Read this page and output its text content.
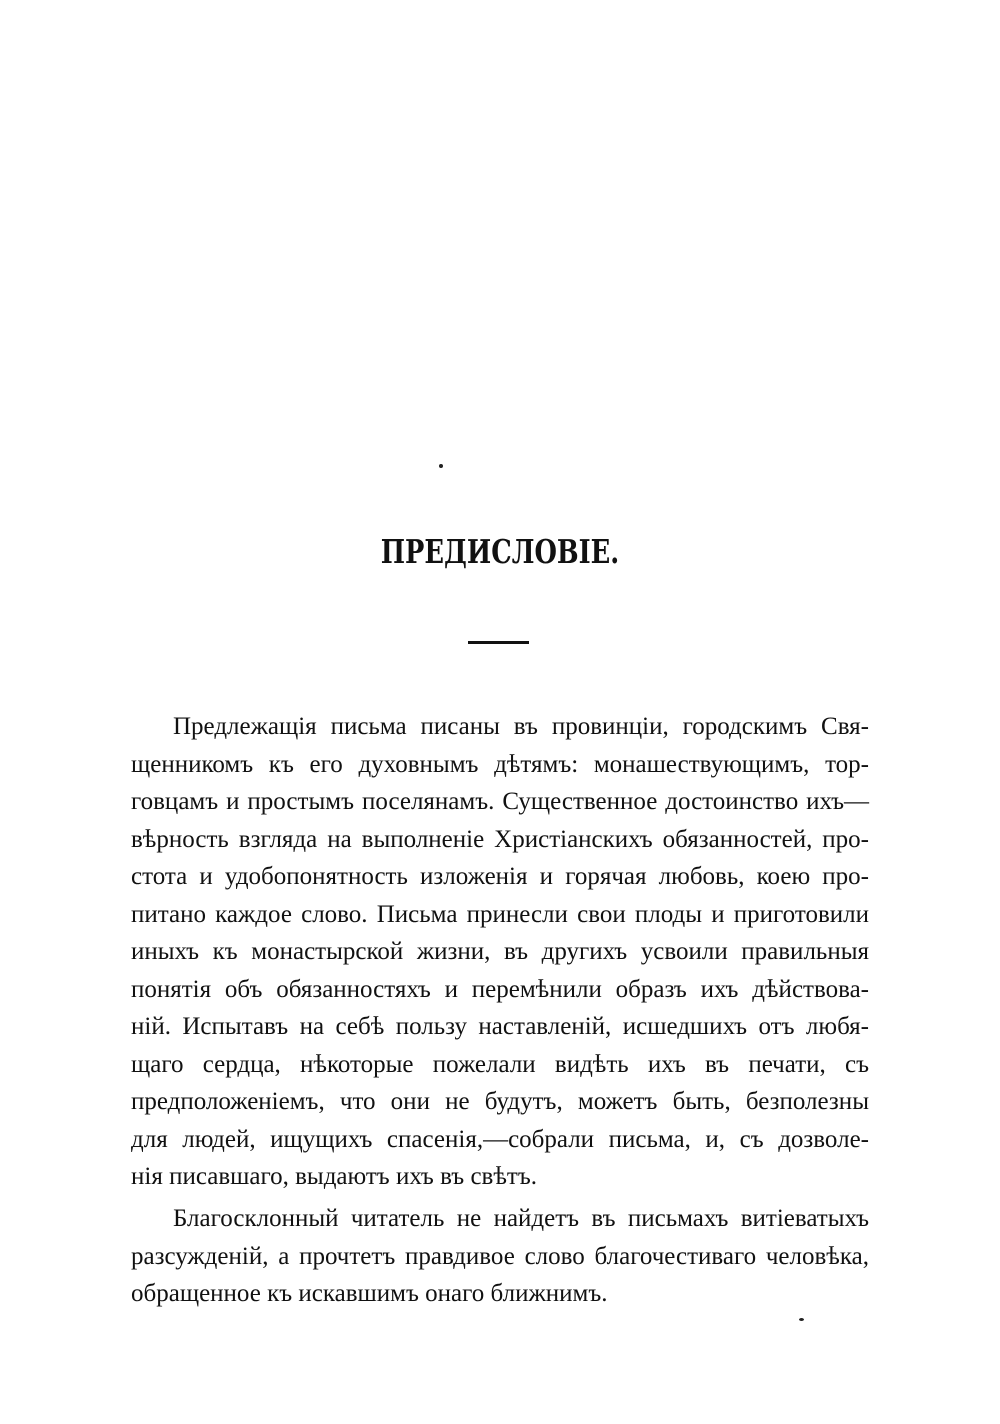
ПРЕДИСЛОВІЕ.
Предлежащія письма писаны въ провинціи, городскимъ Свя-
щенникомъ къ его духовнымъ дѣтямъ: монашествующимъ, тор-
говцамъ и простымъ поселянамъ. Существенное достоинство ихъ—
вѣрность взгляда на выполненіе Христіанскихъ обязанностей, про-
стота и удобопонятность изложенія и горячая любовь, коею про-
питано каждое слово. Письма принесли свои плоды и приготовили
иныхъ къ монастырской жизни, въ другихъ усвоили правильныя
понятія объ обязанностяхъ и перемѣнили образъ ихъ дѣйствова-
ній. Испытавъ на себѣ пользу наставленій, исшедшихъ отъ любя-
щаго сердца, нѣкоторые пожелали видѣть ихъ въ печати, съ
предположеніемъ, что они не будутъ, можетъ быть, безполезны
для людей, ищущихъ спасенія,—собрали письма, и, съ дозволе-
нія писавшаго, выдаютъ ихъ въ свѣтъ.
Благосклонный читатель не найдетъ въ письмахъ витіеватыхъ
разсужденій, а прочтетъ правдивое слово благочестиваго человѣка,
обращенное къ искавшимъ онаго ближнимъ.
